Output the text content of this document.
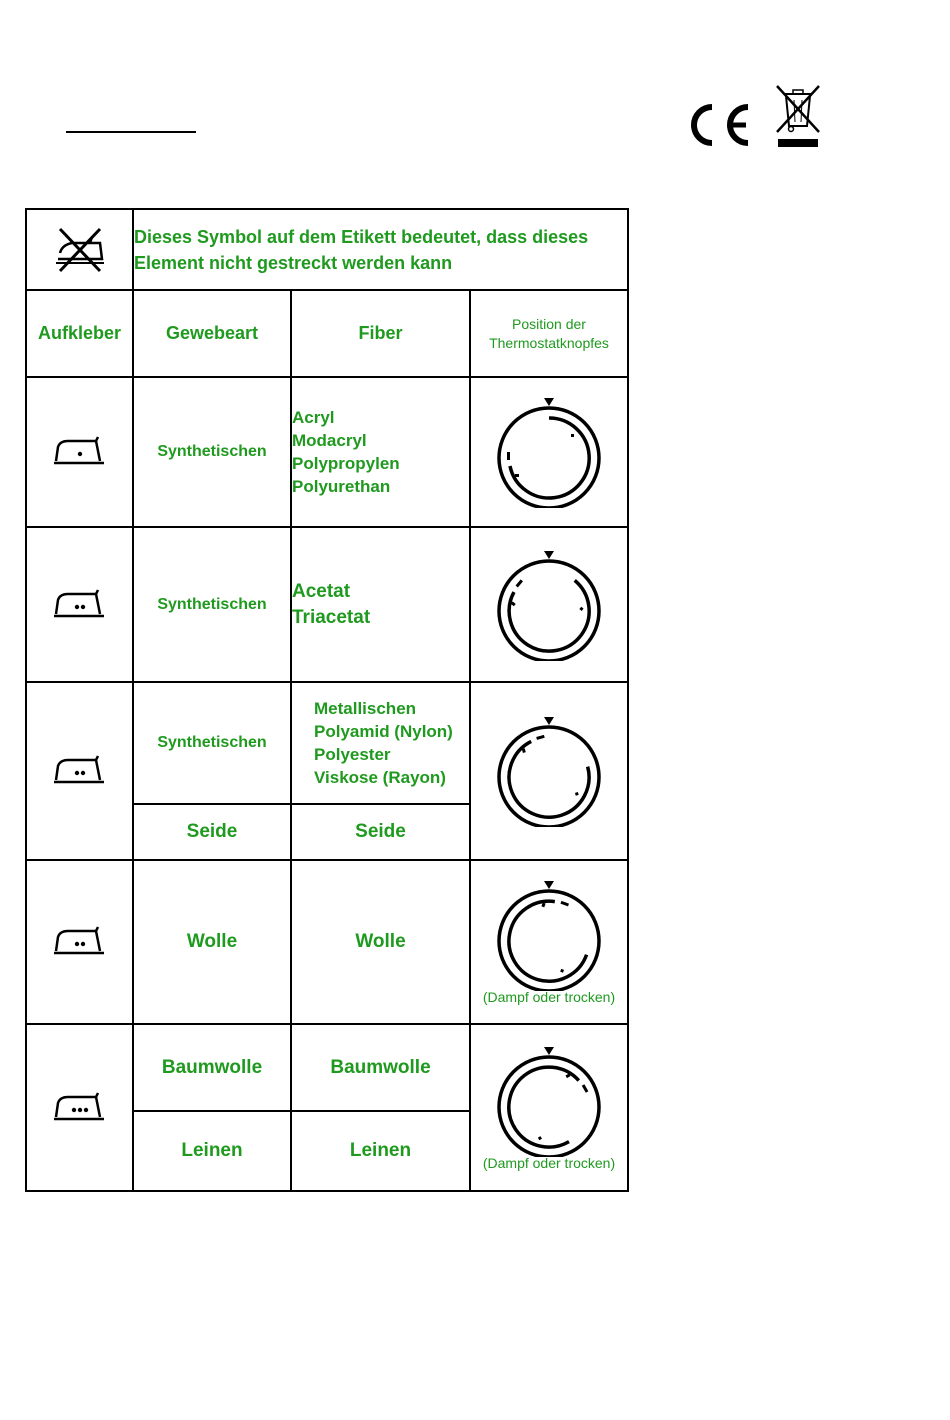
	Dieses Symbol auf dem Etikett bedeutet, dass dieses Element nicht gestreckt werden kann		
Aufkleber	Gewebeart	Fiber	Position der Thermostatknopfes

	Synthetischen	Acryl
Modacryl
Polypropylen
Polyurethan

	Synthetischen	Acetat
Triacetat

	Synthetischen	Metallischen
Polyamid (Nylon)
Polyester
Viskose (Rayon)

	Seide	Seide	

	Wolle	Wolle	(Dampf oder trocken)

	Baumwolle	Baumwolle	(Dampf oder trocken)

	Leinen	Leinen	
